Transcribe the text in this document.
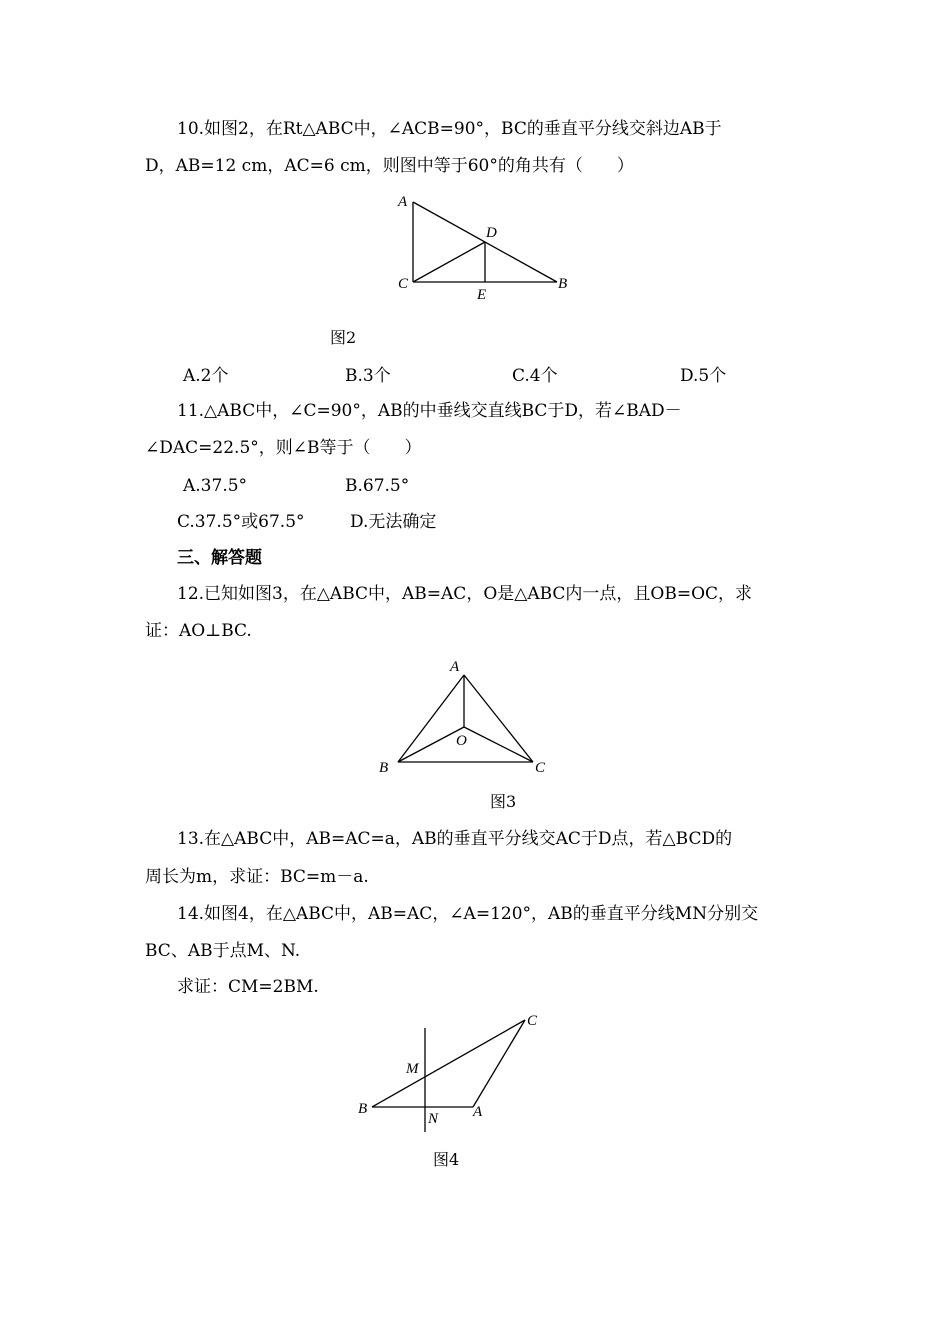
10.如图2，在Rt△ABC中，∠ACB=90°，BC的垂直平分线交斜边AB于
D，AB=12 cm，AC=6 cm，则图中等于60°的角共有（　　）
A
C
D
E
B
图2
A.2个	B.3个	C.4个	D.5个
11.△ABC中，∠C=90°，AB的中垂线交直线BC于D，若∠BAD－
∠DAC=22.5°，则∠B等于（　　）
A.37.5°	B.67.5°
C.37.5°或67.5°	D.无法确定
三、解答题
12.已知如图3，在△ABC中，AB=AC，O是△ABC内一点，且OB=OC，求
证：AO⊥BC.
A
O
B	C
图3
13.在△ABC中，AB=AC=a，AB的垂直平分线交AC于D点，若△BCD的
周长为m，求证：BC=m－a.
14.如图4，在△ABC中，AB=AC，∠A=120°，AB的垂直平分线MN分别交
BC、AB于点M、N.
求证：CM=2BM.
C
M
B
N A
图4
